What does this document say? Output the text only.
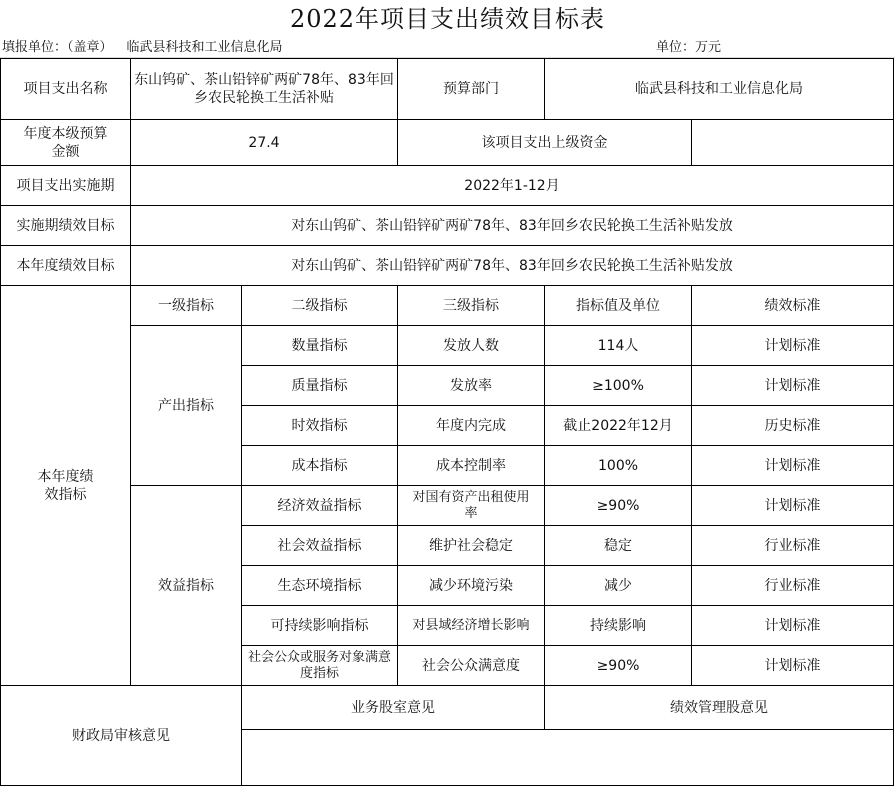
2022年项目支出绩效目标表
填报单位：（盖章） 临武县科技和工业信息化局	单位：万元
项目支出名称	东山钨矿、茶山铅锌矿两矿78年、83年回乡农民轮换工生活补贴		预算部门	临武县科技和工业信息化局	
年度本级预算金额	27.4		该项目支出上级资金		
项目支出实施期	2022年1-12月				
实施期绩效目标	对东山钨矿、茶山铅锌矿两矿78年、83年回乡农民轮换工生活补贴发放				
本年度绩效目标	对东山钨矿、茶山铅锌矿两矿78年、83年回乡农民轮换工生活补贴发放				
本年度绩效指标	一级指标	二级指标	三级指标	指标值及单位	绩效标准
	产出指标	数量指标	发放人数	114人	计划标准
		质量指标	发放率	≥100%	计划标准
		时效指标	年度内完成	截止2022年12月	历史标准
		成本指标	成本控制率	100%	计划标准
	效益指标	经济效益指标	对国有资产出租使用率	≥90%	计划标准
		社会效益指标	维护社会稳定	稳定	行业标准
		生态环境指标	减少环境污染	减少	行业标准
		可持续影响指标	对县域经济增长影响	持续影响	计划标准
		社会公众或服务对象满意度指标	社会公众满意度	≥90%	计划标准
财政局审核意见		业务股室意见		绩效管理股意见	
